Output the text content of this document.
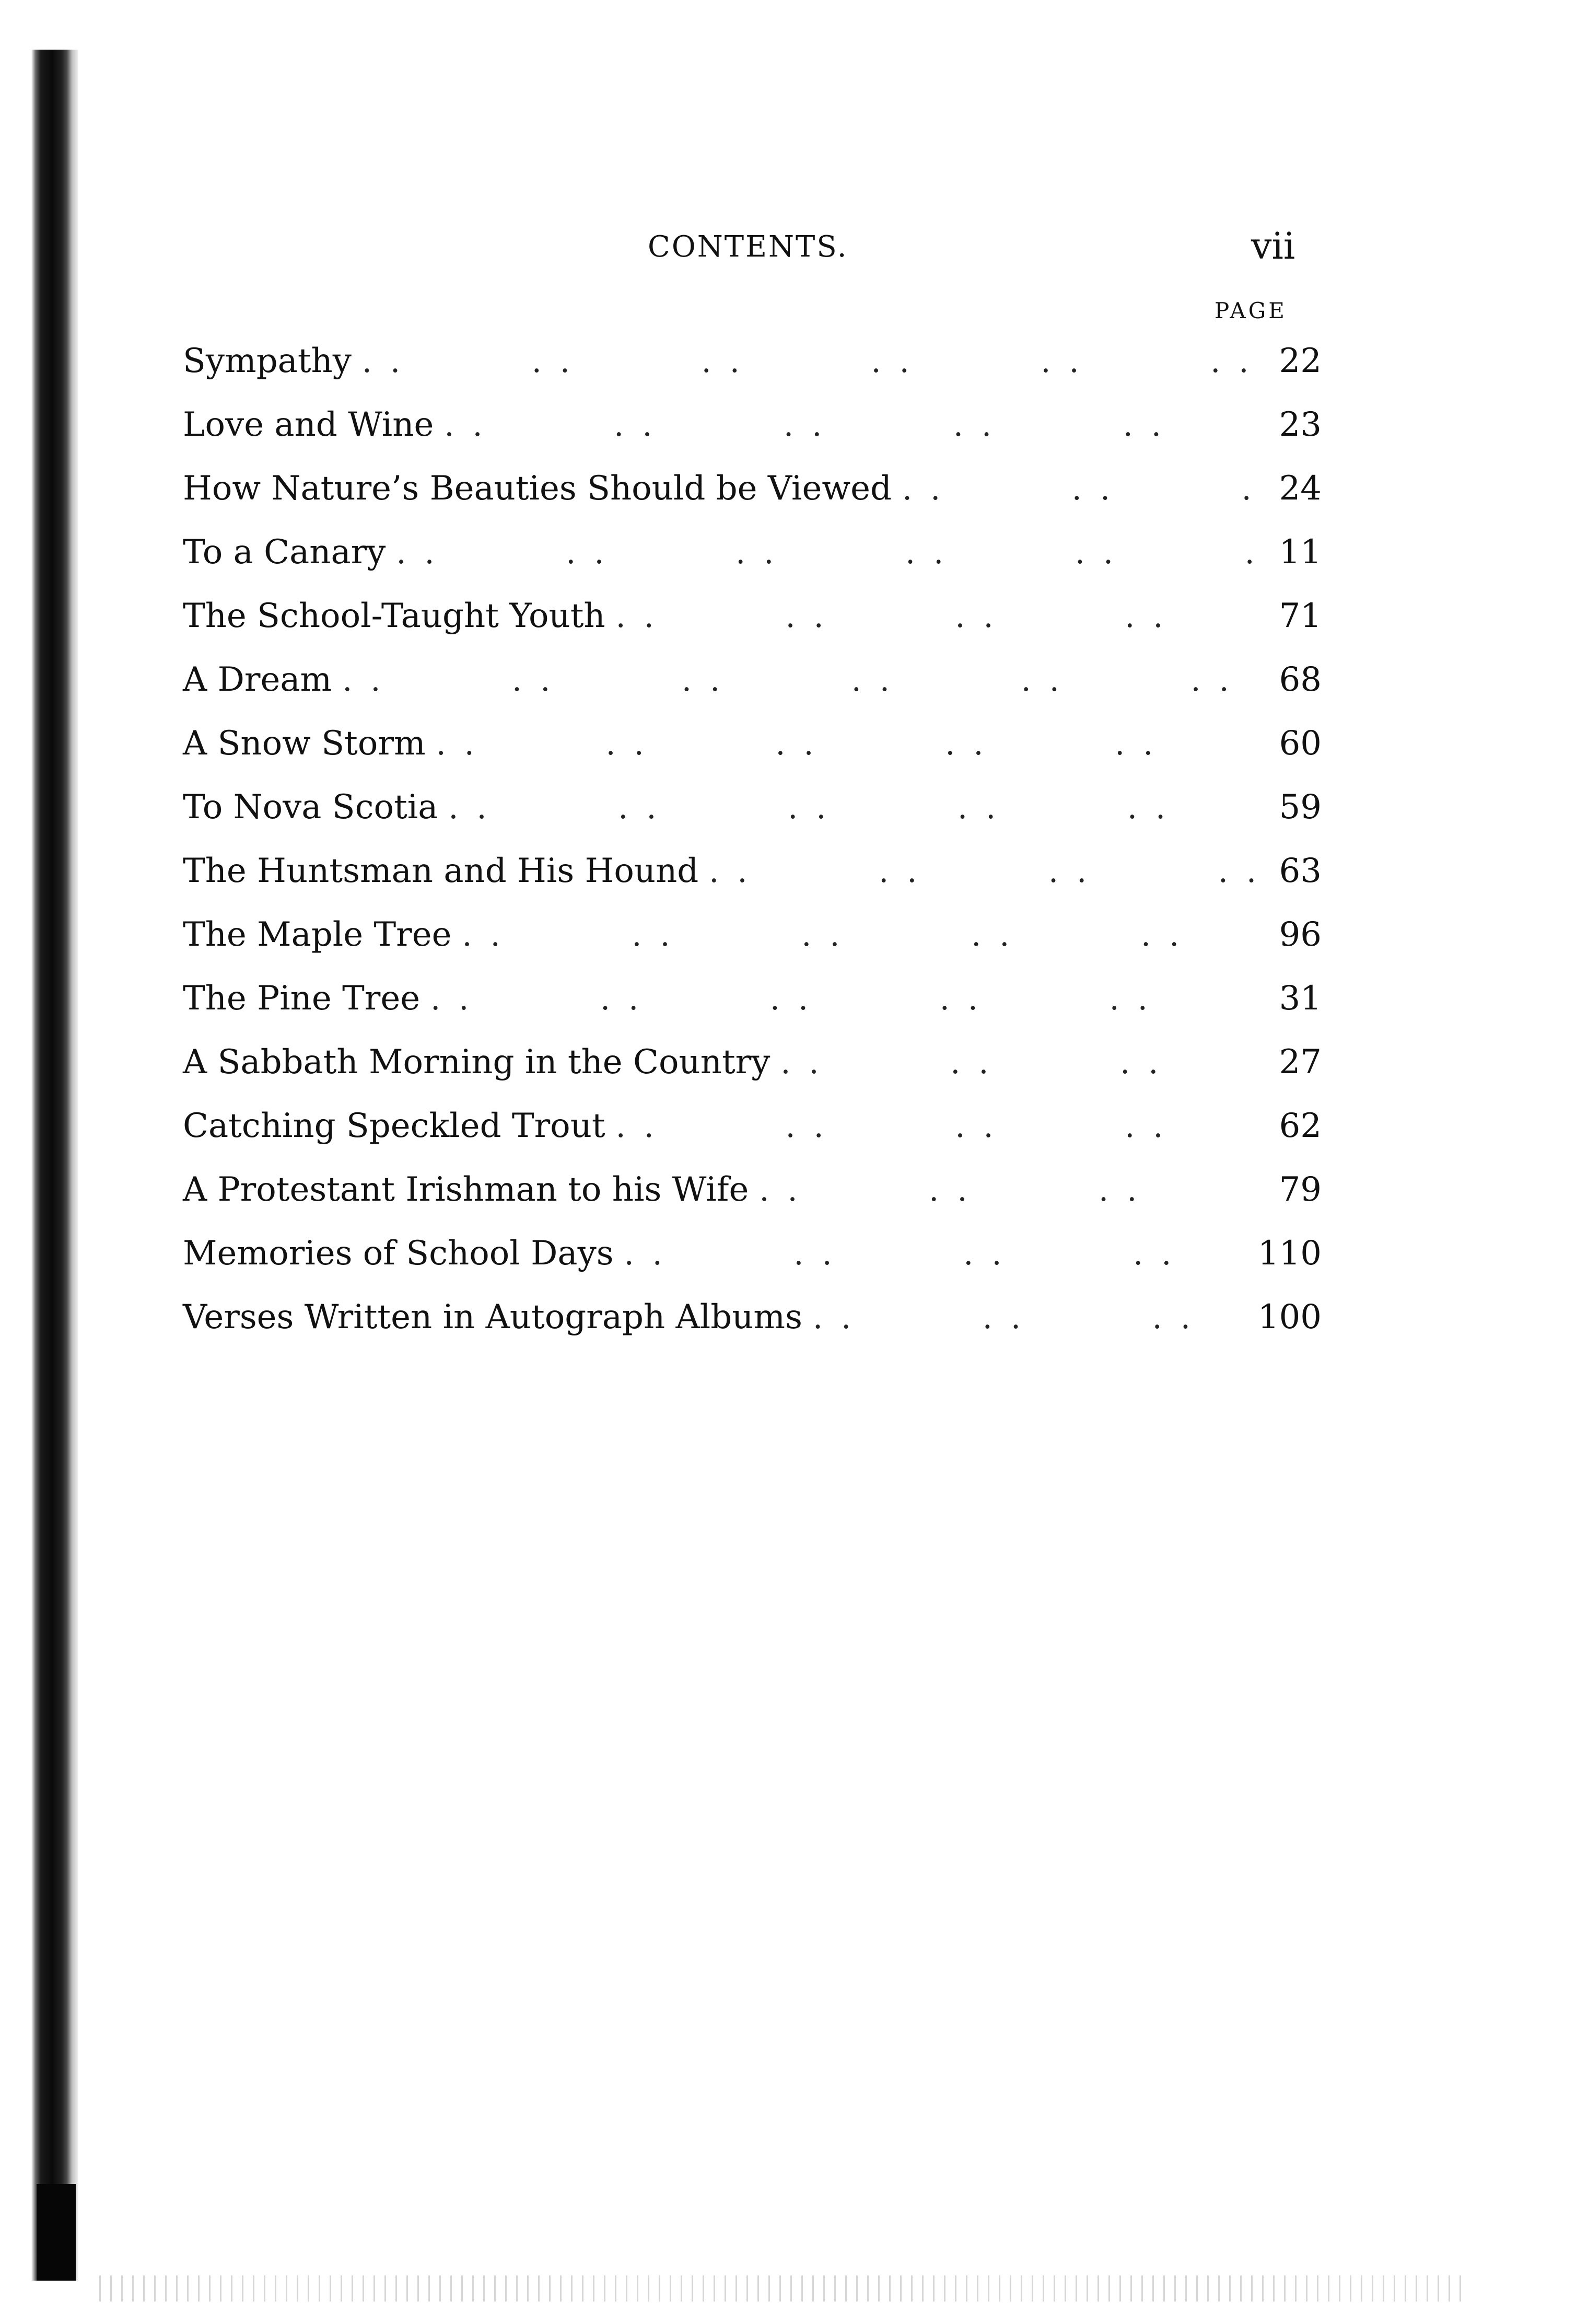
CONTENTS.	vii
PAGE
Sympathy . .	22
Love and Wine . .	23
How Nature’s Beauties Should be Viewed . .	24
To a Canary . .	11
The School-Taught Youth . .	71
A Dream . .	68
A Snow Storm . .	60
To Nova Scotia . .	59
The Huntsman and His Hound . .	63
The Maple Tree . .	96
The Pine Tree . .	31
A Sabbath Morning in the Country . .	27
Catching Speckled Trout . .	62
A Protestant Irishman to his Wife . .	79
Memories of School Days . .	110
Verses Written in Autograph Albums . .	100
